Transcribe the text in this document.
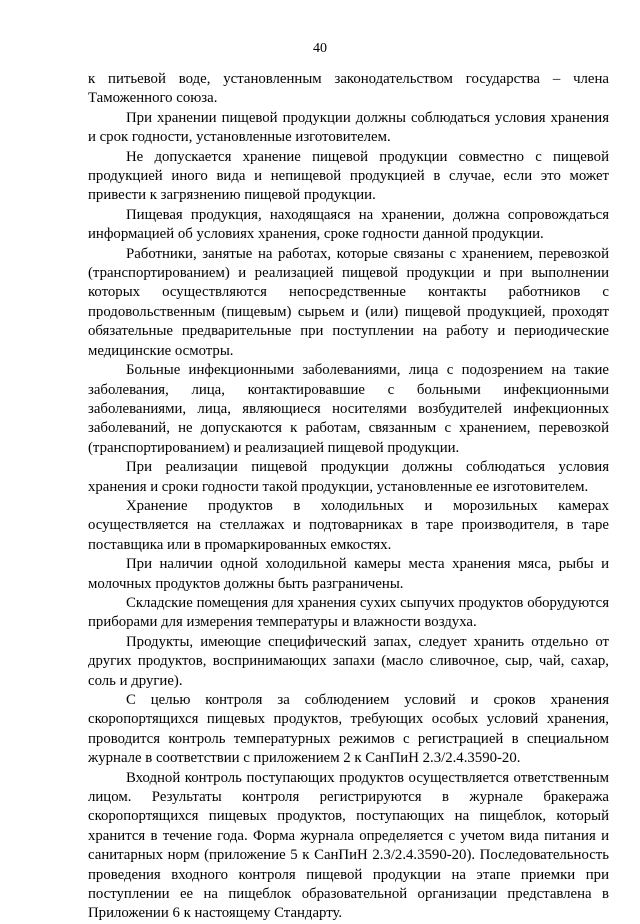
40

к питьевой воде, установленным законодательством государства – члена Таможенного союза.

При хранении пищевой продукции должны соблюдаться условия хранения и срок годности, установленные изготовителем.

Не допускается хранение пищевой продукции совместно с пищевой продукцией иного вида и непищевой продукцией в случае, если это может привести к загрязнению пищевой продукции.

Пищевая продукция, находящаяся на хранении, должна сопровождаться информацией об условиях хранения, сроке годности данной продукции.

Работники, занятые на работах, которые связаны с хранением, перевозкой (транспортированием) и реализацией пищевой продукции и при выполнении которых осуществляются непосредственные контакты работников с продовольственным (пищевым) сырьем и (или) пищевой продукцией, проходят обязательные предварительные при поступлении на работу и периодические медицинские осмотры.

Больные инфекционными заболеваниями, лица с подозрением на такие заболевания, лица, контактировавшие с больными инфекционными заболеваниями, лица, являющиеся носителями возбудителей инфекционных заболеваний, не допускаются к работам, связанным с хранением, перевозкой (транспортированием) и реализацией пищевой продукции.

При реализации пищевой продукции должны соблюдаться условия хранения и сроки годности такой продукции, установленные ее изготовителем.

Хранение продуктов в холодильных и морозильных камерах осуществляется на стеллажах и подтоварниках в таре производителя, в таре поставщика или в промаркированных емкостях.

При наличии одной холодильной камеры места хранения мяса, рыбы и молочных продуктов должны быть разграничены.

Складские помещения для хранения сухих сыпучих продуктов оборудуются приборами для измерения температуры и влажности воздуха.

Продукты, имеющие специфический запах, следует хранить отдельно от других продуктов, воспринимающих запахи (масло сливочное, сыр, чай, сахар, соль и другие).

С целью контроля за соблюдением условий и сроков хранения скоропортящихся пищевых продуктов, требующих особых условий хранения, проводится контроль температурных режимов с регистрацией в специальном журнале в соответствии с приложением 2 к СанПиН 2.3/2.4.3590-20.

Входной контроль поступающих продуктов осуществляется ответственным лицом. Результаты контроля регистрируются в журнале бракеража скоропортящихся пищевых продуктов, поступающих на пищеблок, который хранится в течение года. Форма журнала определяется с учетом вида питания и санитарных норм (приложение 5 к СанПиН 2.3/2.4.3590-20). Последовательность проведения входного контроля пищевой продукции на этапе приемки при поступлении ее на пищеблок образовательной организации представлена в Приложении 6 к настоящему Стандарту.
